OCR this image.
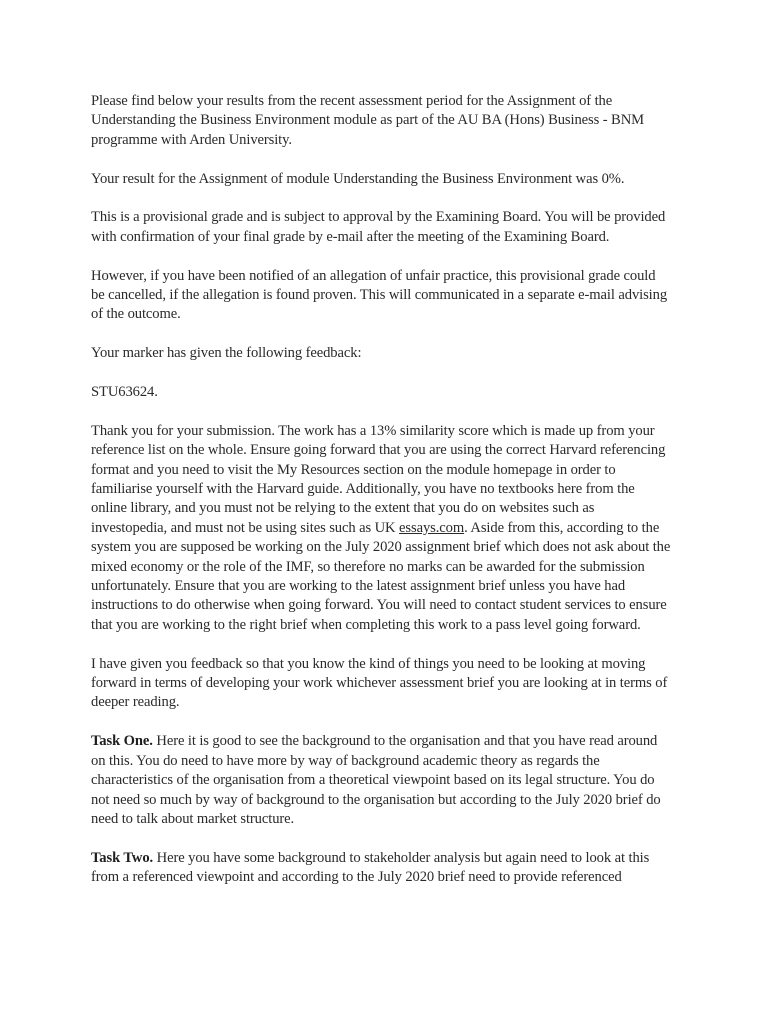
Please find below your results from the recent assessment period for the Assignment of the Understanding the Business Environment module as part of the AU BA (Hons) Business - BNM programme with Arden University.

Your result for the Assignment of module Understanding the Business Environment was 0%.

This is a provisional grade and is subject to approval by the Examining Board. You will be provided with confirmation of your final grade by e-mail after the meeting of the Examining Board.

However, if you have been notified of an allegation of unfair practice, this provisional grade could be cancelled, if the allegation is found proven. This will communicated in a separate e-mail advising of the outcome.

Your marker has given the following feedback:

STU63624.

Thank you for your submission. The work has a 13% similarity score which is made up from your reference list on the whole. Ensure going forward that you are using the correct Harvard referencing format and you need to visit the My Resources section on the module homepage in order to familiarise yourself with the Harvard guide. Additionally, you have no textbooks here from the online library, and you must not be relying to the extent that you do on websites such as investopedia, and must not be using sites such as UK essays.com. Aside from this, according to the system you are supposed be working on the July 2020 assignment brief which does not ask about the mixed economy or the role of the IMF, so therefore no marks can be awarded for the submission unfortunately. Ensure that you are working to the latest assignment brief unless you have had instructions to do otherwise when going forward. You will need to contact student services to ensure that you are working to the right brief when completing this work to a pass level going forward.

I have given you feedback so that you know the kind of things you need to be looking at moving forward in terms of developing your work whichever assessment brief you are looking at in terms of deeper reading.

Task One. Here it is good to see the background to the organisation and that you have read around on this. You do need to have more by way of background academic theory as regards the characteristics of the organisation from a theoretical viewpoint based on its legal structure. You do not need so much by way of background to the organisation but according to the July 2020 brief do need to talk about market structure.

Task Two. Here you have some background to stakeholder analysis but again need to look at this from a referenced viewpoint and according to the July 2020 brief need to provide referenced
